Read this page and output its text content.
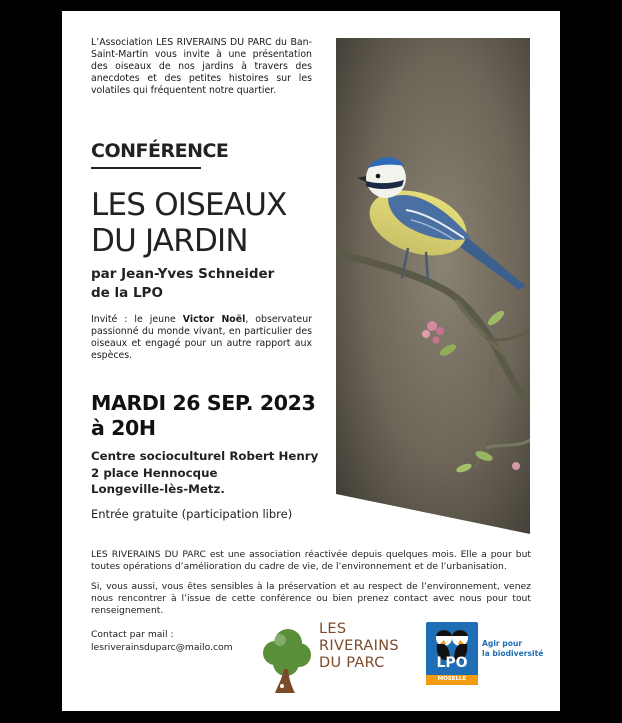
L’Association LES RIVERAINS DU PARC du Ban-Saint-Martin vous invite à une présentation des oiseaux de nos jardins à travers des anecdotes et des petites histoires sur les volatiles qui fréquentent notre quartier.
CONFÉRENCE
LES OISEAUX
DU JARDIN
par Jean-Yves Schneider
de la LPO
Invité : le jeune Victor Noël, observateur passionné du monde vivant, en particulier des oiseaux et engagé pour un autre rapport aux espèces.
MARDI 26 SEP. 2023
à 20H
Centre socioculturel Robert Henry
2 place Hennocque
Longeville-lès-Metz.
Entrée gratuite (participation libre)
LES RIVERAINS DU PARC est une association réactivée depuis quelques mois. Elle a pour but toutes opérations d’amélioration du cadre de vie, de l’environnement et de l’urbanisation.
Si, vous aussi, vous êtes sensibles à la préservation et au respect de l’environnement, venez nous rencontrer à l’issue de cette conférence ou bien prenez contact avec nous pour tout renseignement.
Contact par mail :
lesriverainsduparc@mailo.com
LES
RIVERAINS
DU PARC	LPO
MOSELLE
Agir pour
la biodiversité
